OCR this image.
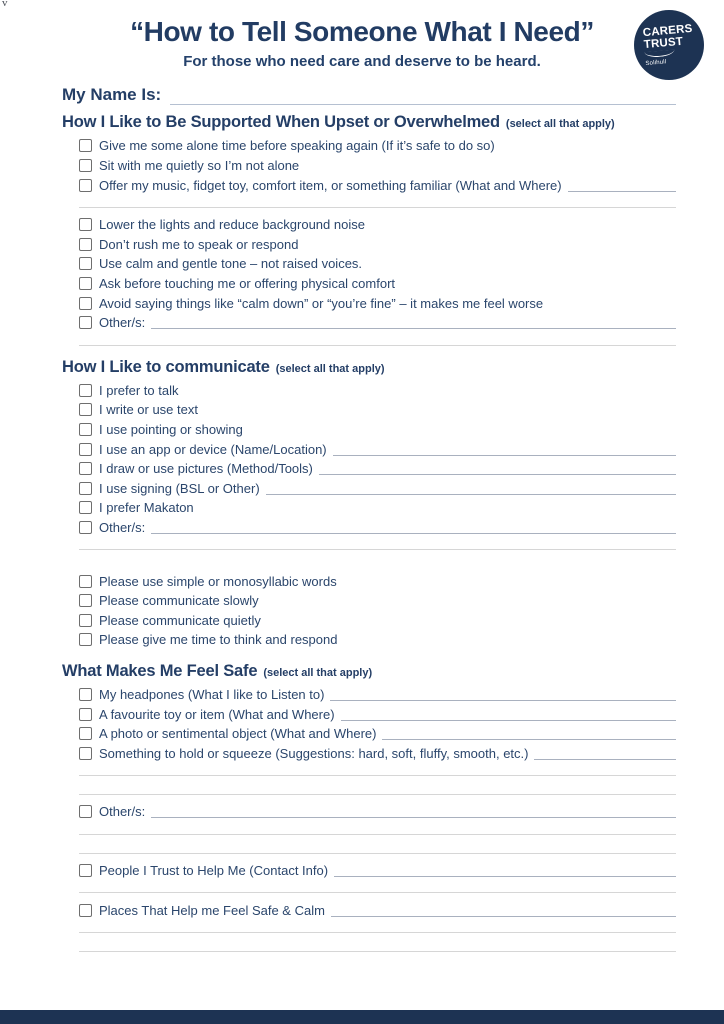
v
“How to Tell Someone What I Need”
For those who need care and deserve to be heard.
CARERS
TRUST
Solihull
My Name Is:
How I Like to Be Supported When Upset or Overwhelmed (select all that apply)
Give me some alone time before speaking again (If it’s safe to do so)
Sit with me quietly so I’m not alone
Offer my music, fidget toy, comfort item, or something familiar (What and Where)
Lower the lights and reduce background noise
Don’t rush me to speak or respond
Use calm and gentle tone – not raised voices.
Ask before touching me or offering physical comfort
Avoid saying things like “calm down” or “you’re fine” – it makes me feel worse
Other/s:
How I Like to communicate (select all that apply)
I prefer to talk
I write or use text
I use pointing or showing
I use an app or device (Name/Location)
I draw or use pictures (Method/Tools)
I use signing (BSL or Other)
I prefer Makaton
Other/s:
Please use simple or monosyllabic words
Please communicate slowly
Please communicate quietly
Please give me time to think and respond
What Makes Me Feel Safe (select all that apply)
My headpones (What I like to Listen to)
A favourite toy or item (What and Where)
A photo or sentimental object (What and Where)
Something to hold or squeeze (Suggestions: hard, soft, fluffy, smooth, etc.)
Other/s:
People I Trust to Help Me (Contact Info)
Places That Help me Feel Safe & Calm
